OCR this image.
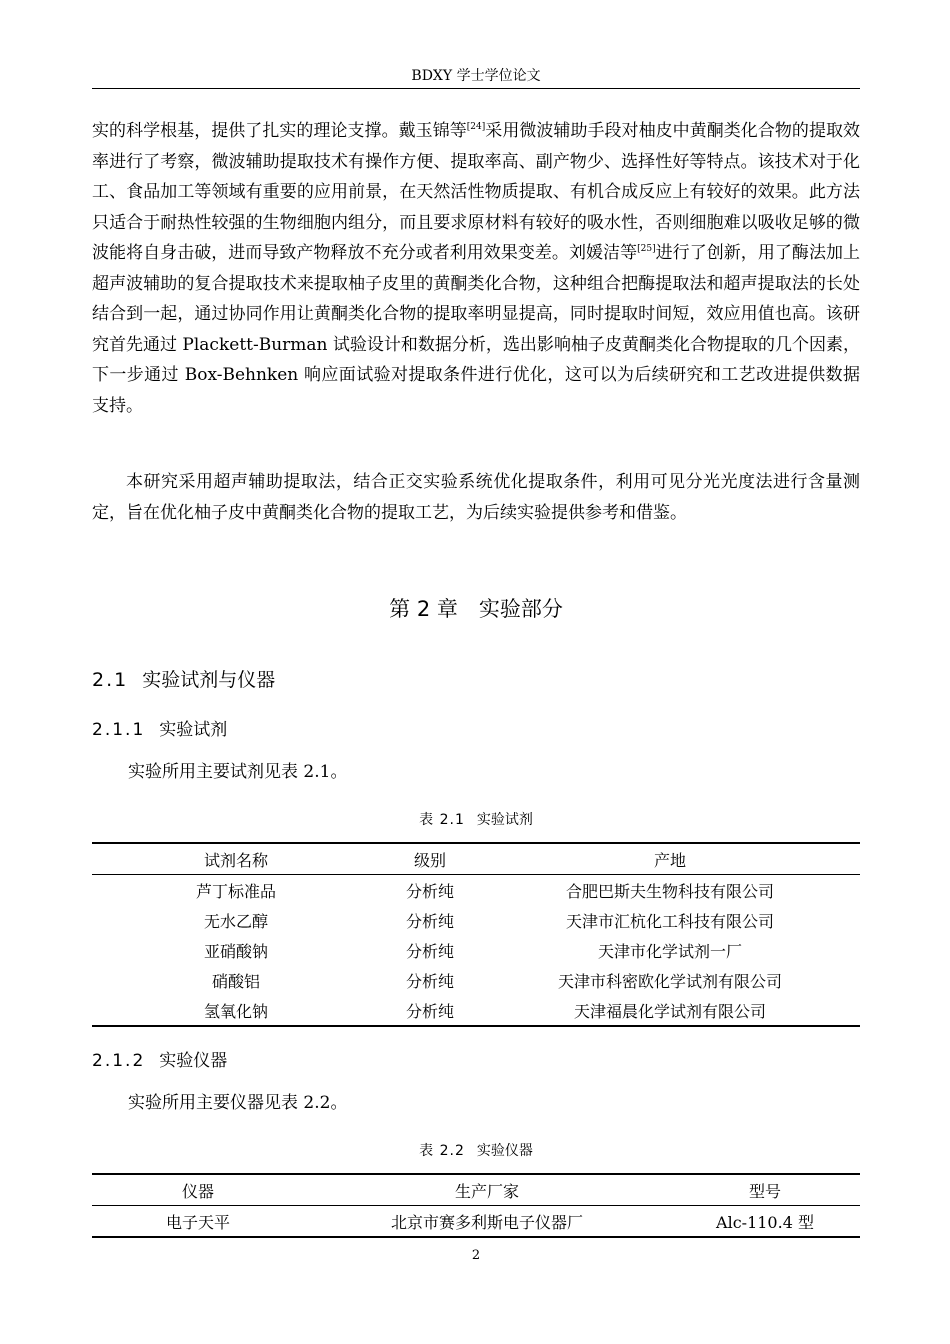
BDXY 学士学位论文
实的科学根基，提供了扎实的理论支撑。戴玉锦等[24]采用微波辅助手段对柚皮中黄酮类化合物的提取效率进行了考察，微波辅助提取技术有操作方便、提取率高、副产物少、选择性好等特点。该技术对于化工、食品加工等领域有重要的应用前景，在天然活性物质提取、有机合成反应上有较好的效果。此方法只适合于耐热性较强的生物细胞内组分，而且要求原材料有较好的吸水性，否则细胞难以吸收足够的微波能将自身击破，进而导致产物释放不充分或者利用效果变差。刘媛洁等[25]进行了创新，用了酶法加上超声波辅助的复合提取技术来提取柚子皮里的黄酮类化合物，这种组合把酶提取法和超声提取法的长处结合到一起，通过协同作用让黄酮类化合物的提取率明显提高，同时提取时间短，效应用值也高。该研究首先通过 Plackett-Burman 试验设计和数据分析，选出影响柚子皮黄酮类化合物提取的几个因素，下一步通过 Box-Behnken 响应面试验对提取条件进行优化，这可以为后续研究和工艺改进提供数据支持。
本研究采用超声辅助提取法，结合正交实验系统优化提取条件，利用可见分光光度法进行含量测定，旨在优化柚子皮中黄酮类化合物的提取工艺，为后续实验提供参考和借鉴。
第 2 章　实验部分
2.1 实验试剂与仪器
2.1.1 实验试剂
实验所用主要试剂见表 2.1。
表 2.1 实验试剂
试剂名称	级别	产地
芦丁标准品	分析纯	合肥巴斯夫生物科技有限公司
无水乙醇	分析纯	天津市汇杭化工科技有限公司
亚硝酸钠	分析纯	天津市化学试剂一厂
硝酸铝	分析纯	天津市科密欧化学试剂有限公司
氢氧化钠	分析纯	天津福晨化学试剂有限公司
2.1.2 实验仪器
实验所用主要仪器见表 2.2。
表 2.2 实验仪器
仪器	生产厂家	型号
电子天平	北京市赛多利斯电子仪器厂	Alc-110.4 型
2
